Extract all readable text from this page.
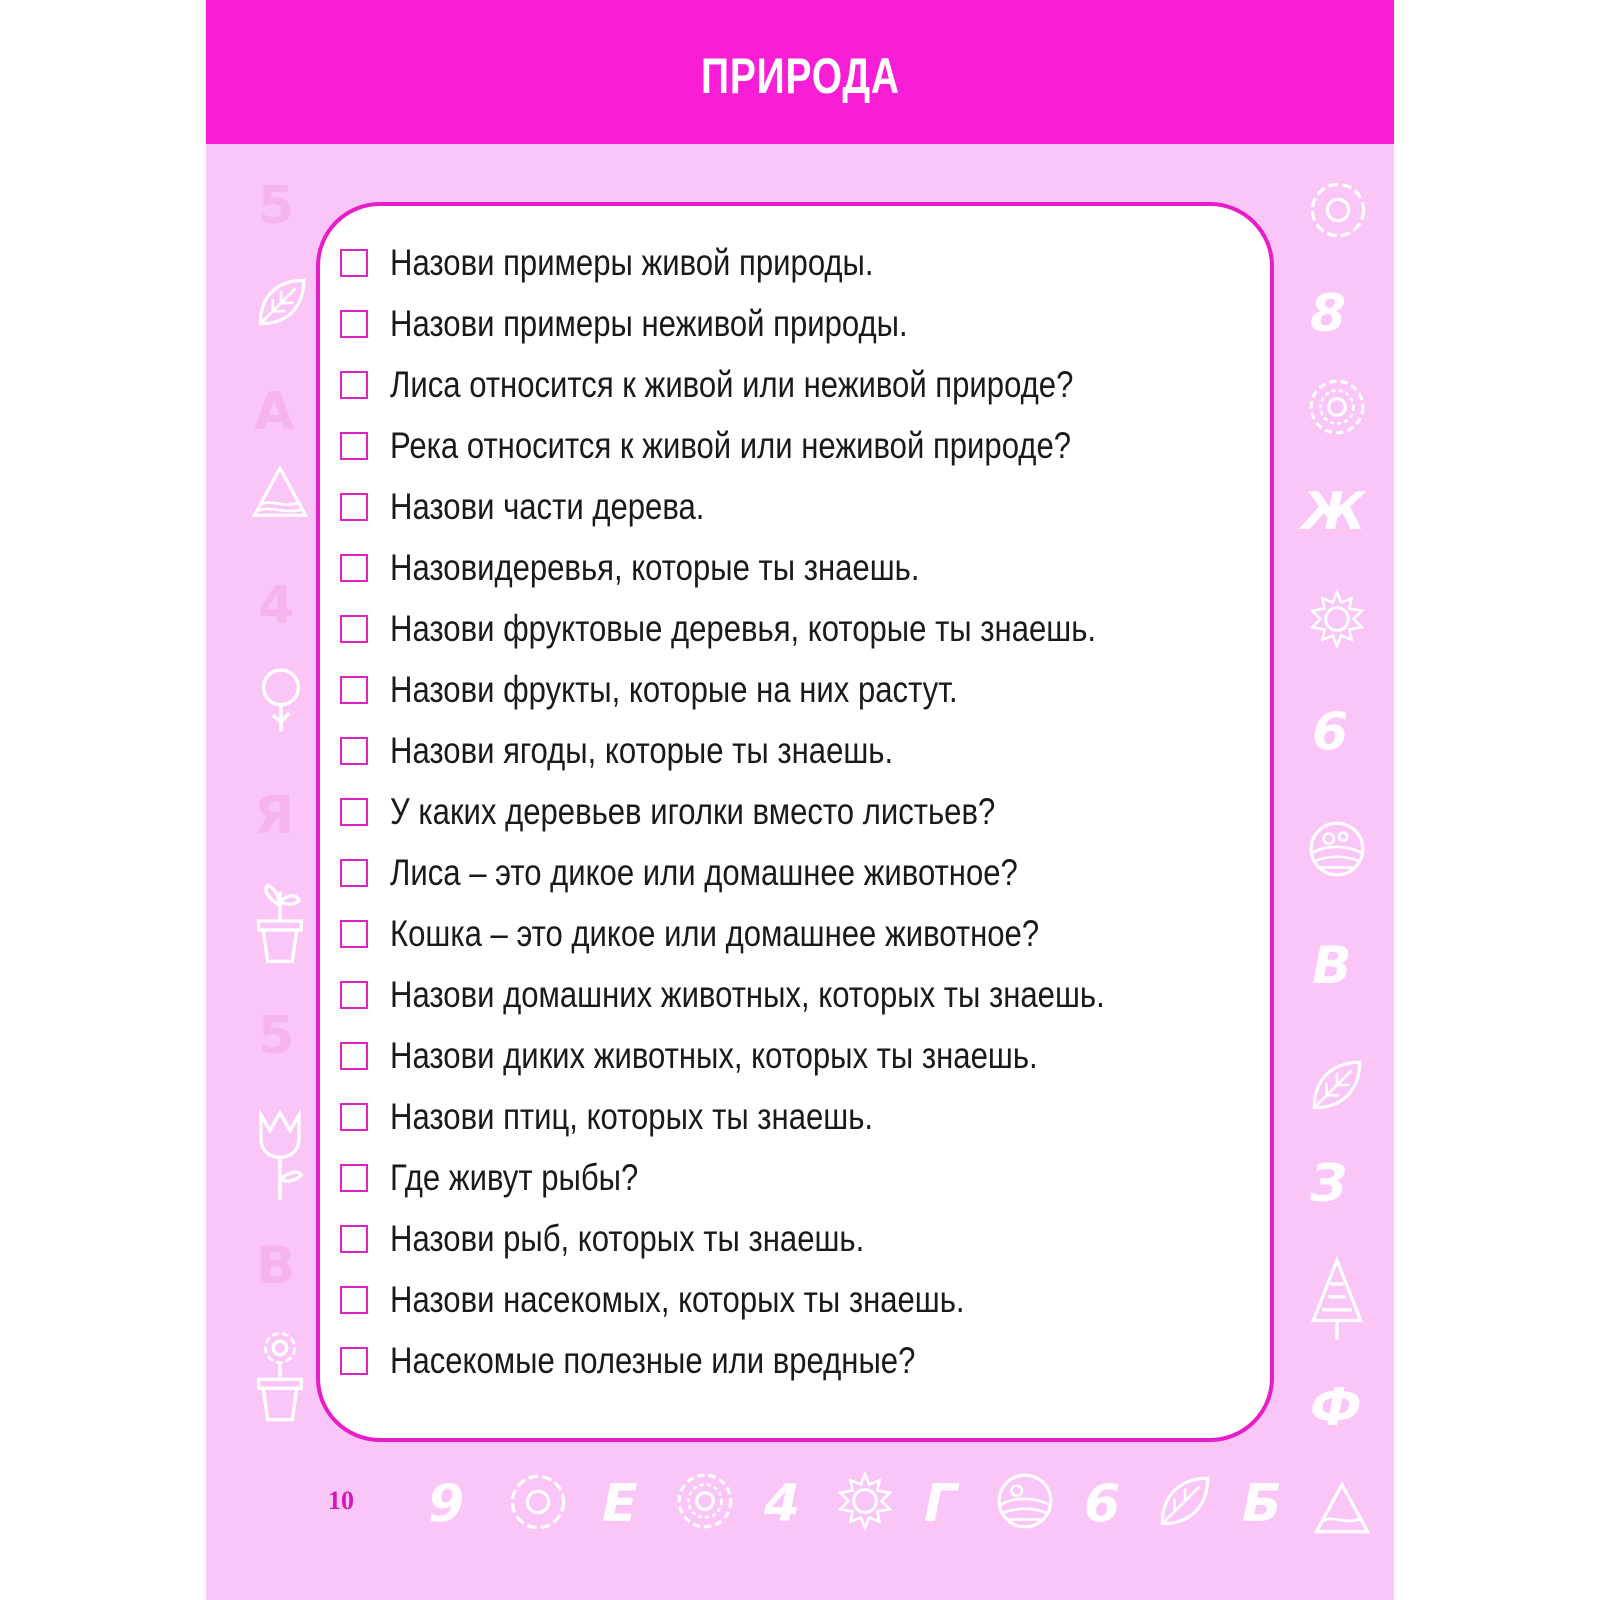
ПРИРОДА
5
А
4
Я
5
В
8
Ж
6
В
З
Ф
9	Е 4 Г 6 Б
10
Назови примеры живой природы.
Назови примеры неживой природы.
Лиса относится к живой или неживой природе?
Река относится к живой или неживой природе?
Назови части дерева.
Назовидеревья, которые ты знаешь.
Назови фруктовые деревья, которые ты знаешь.
Назови фрукты, которые на них растут.
Назови ягоды, которые ты знаешь.
У каких деревьев иголки вместо листьев?
Лиса – это дикое или домашнее животное?
Кошка – это дикое или домашнее животное?
Назови домашних животных, которых ты знаешь.
Назови диких животных, которых ты знаешь.
Назови птиц, которых ты знаешь.
Где живут рыбы?
Назови рыб, которых ты знаешь.
Назови насекомых, которых ты знаешь.
Насекомые полезные или вредные?
